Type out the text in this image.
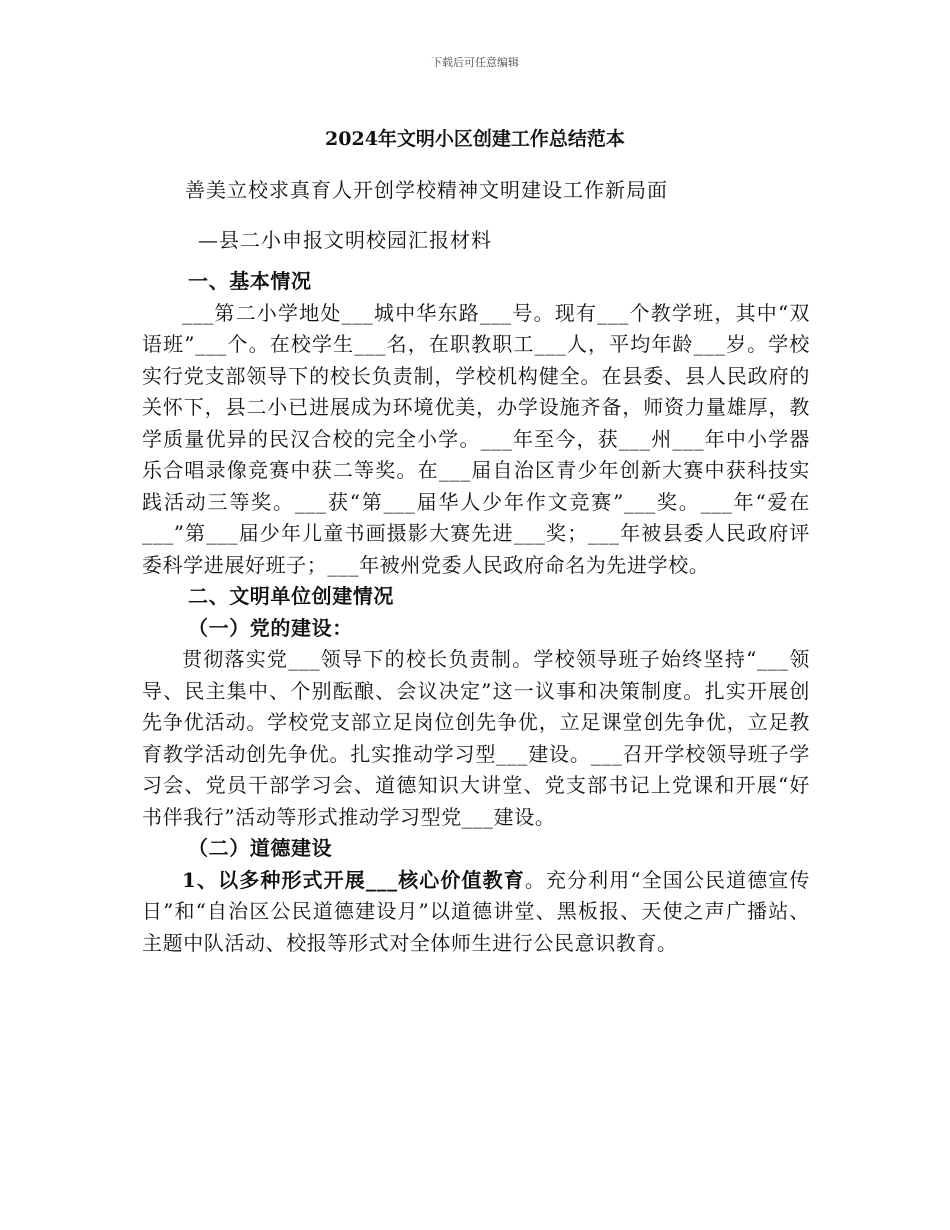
下载后可任意编辑
2024年文明小区创建工作总结范本

善美立校求真育人开创学校精神文明建设工作新局面

—县二小申报文明校园汇报材料

一、基本情况

___第二小学地处___城中华东路___号。现有___个教学班，其中“双语班”___个。在校学生___名，在职教职工___人，平均年龄___岁。学校实行党支部领导下的校长负责制，学校机构健全。在县委、县人民政府的关怀下，县二小已进展成为环境优美，办学设施齐备，师资力量雄厚，教学质量优异的民汉合校的完全小学。___年至今，获___州___年中小学器乐合唱录像竞赛中获二等奖。在___届自治区青少年创新大赛中获科技实践活动三等奖。___获“第___届华人少年作文竞赛”___奖。___年“爱在___”第___届少年儿童书画摄影大赛先进___奖；___年被县委人民政府评委科学进展好班子；___年被州党委人民政府命名为先进学校。

二、文明单位创建情况

（一）党的建设：

贯彻落实党___领导下的校长负责制。学校领导班子始终坚持“___领导、民主集中、个别酝酿、会议决定”这一议事和决策制度。扎实开展创先争优活动。学校党支部立足岗位创先争优，立足课堂创先争优，立足教育教学活动创先争优。扎实推动学习型___建设。___召开学校领导班子学习会、党员干部学习会、道德知识大讲堂、党支部书记上党课和开展“好书伴我行”活动等形式推动学习型党___建设。

（二）道德建设

1、以多种形式开展___核心价值教育。充分利用“全国公民道德宣传日”和“自治区公民道德建设月”以道德讲堂、黑板报、天使之声广播站、主题中队活动、校报等形式对全体师生进行公民意识教育。
